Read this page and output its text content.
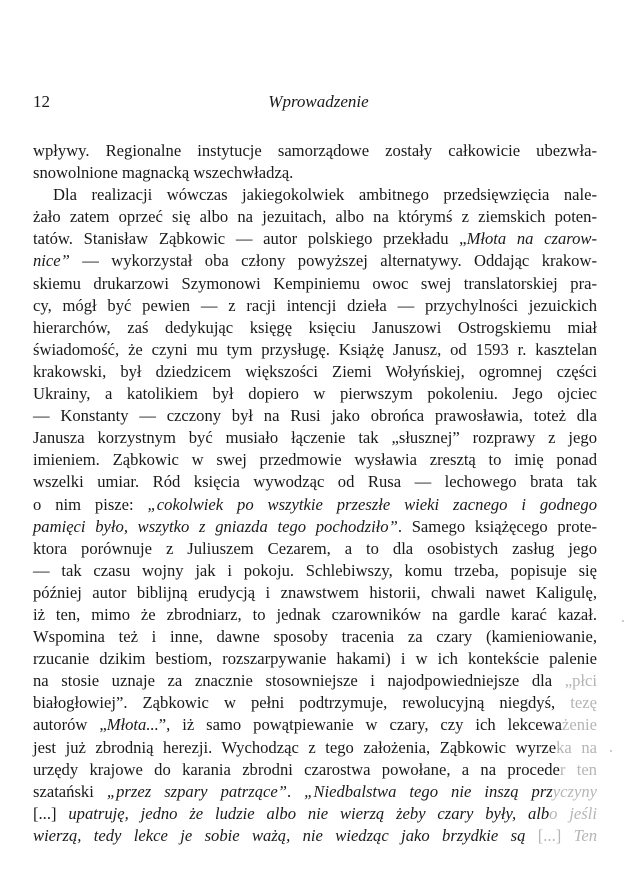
12	Wprowadzenie
wpływy. Regionalne instytucje samorządowe zostały całkowicie ubezwła-
snowolnione magnacką wszechwładzą.
Dla realizacji wówczas jakiegokolwiek ambitnego przedsięwzięcia nale-
żało zatem oprzeć się albo na jezuitach, albo na którymś z ziemskich poten-
tatów. Stanisław Ząbkowic — autor polskiego przekładu „Młota na czarow-
nice” — wykorzystał oba człony powyższej alternatywy. Oddając krakow-
skiemu drukarzowi Szymonowi Kempiniemu owoc swej translatorskiej pra-
cy, mógł być pewien — z racji intencji dzieła — przychylności jezuickich
hierarchów, zaś dedykując księgę księciu Januszowi Ostrogskiemu miał
świadomość, że czyni mu tym przysługę. Książę Janusz, od 1593 r. kasztelan
krakowski, był dziedzicem większości Ziemi Wołyńskiej, ogromnej części
Ukrainy, a katolikiem był dopiero w pierwszym pokoleniu. Jego ojciec
— Konstanty — czczony był na Rusi jako obrońca prawosławia, toteż dla
Janusza korzystnym być musiało łączenie tak „słusznej” rozprawy z jego
imieniem. Ząbkowic w swej przedmowie wysławia zresztą to imię ponad
wszelki umiar. Ród księcia wywodząc od Rusa — lechowego brata tak
o nim pisze: „cokolwiek po wszytkie przeszłe wieki zacnego i godnego
pamięci było, wszytko z gniazda tego pochodziło”. Samego książęcego prote-
ktora porównuje z Juliuszem Cezarem, a to dla osobistych zasług jego
— tak czasu wojny jak i pokoju. Schlebiwszy, komu trzeba, popisuje się
później autor biblijną erudycją i znawstwem historii, chwali nawet Kaligulę,
iż ten, mimo że zbrodniarz, to jednak czarowników na gardle karać kazał.
Wspomina też i inne, dawne sposoby tracenia za czary (kamieniowanie,
rzucanie dzikim bestiom, rozszarpywanie hakami) i w ich kontekście palenie
na stosie uznaje za znacznie stosowniejsze i najodpowiedniejsze dla „płci
białogłowiej”. Ząbkowic w pełni podtrzymuje, rewolucyjną niegdyś, tezę
autorów „Młota...”, iż samo powątpiewanie w czary, czy ich lekceważenie
jest już zbrodnią herezji. Wychodząc z tego założenia, Ząbkowic wyrzeka na
urzędy krajowe do karania zbrodni czarostwa powołane, a na proceder ten
szatański „przez szpary patrzące”. „Niedbalstwa tego nie inszą przyczyny
[...] upatruję, jedno że ludzie albo nie wierzą żeby czary były, albo jeśli
wierzą, tedy lekce je sobie ważą, nie wiedząc jako brzydkie są [...] Ten
